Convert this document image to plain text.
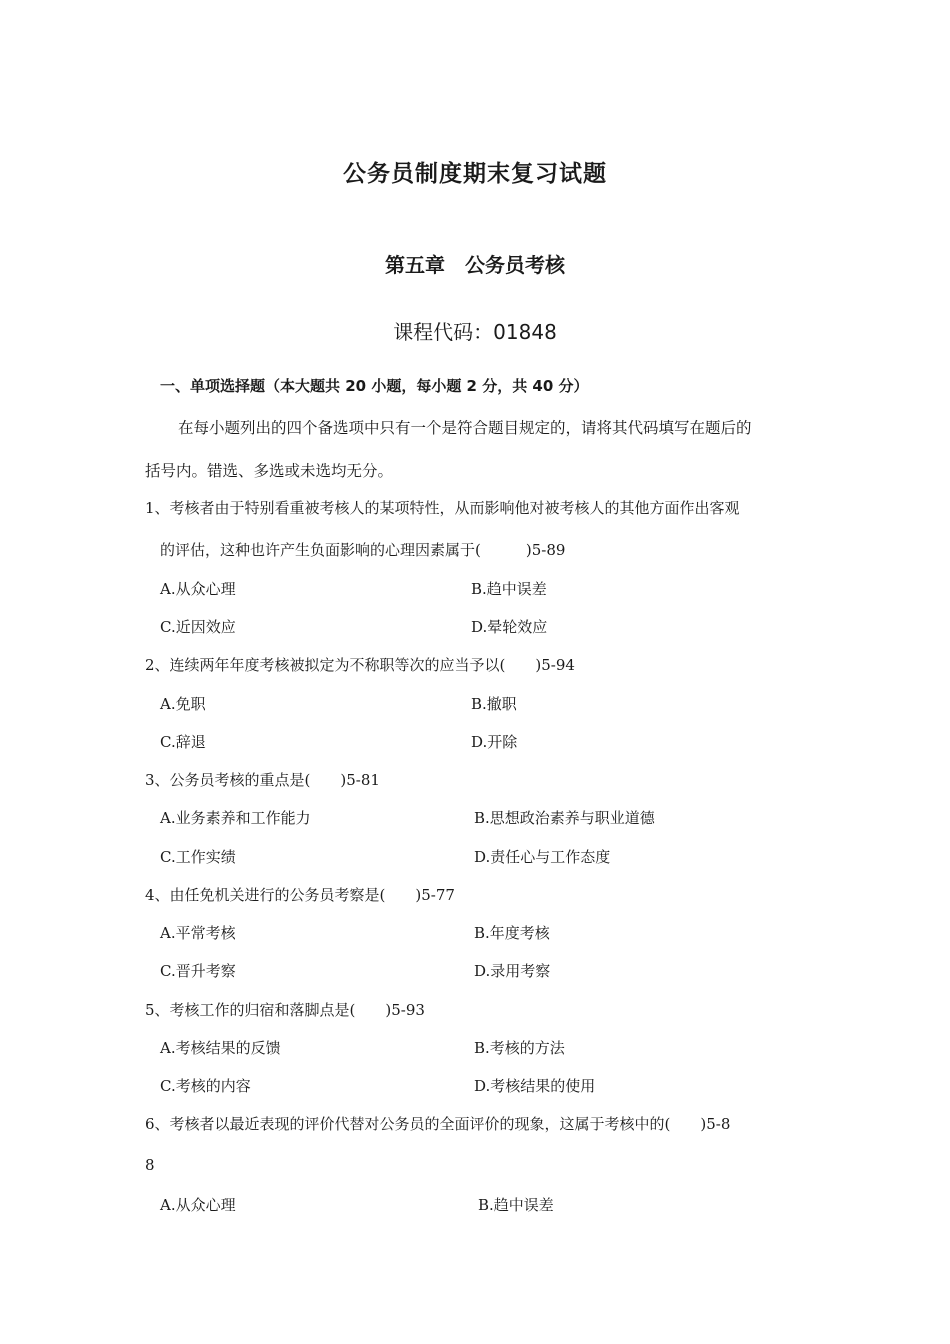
公务员制度期末复习试题
第五章　公务员考核
课程代码：01848
一、单项选择题（本大题共 20 小题，每小题 2 分，共 40 分）
在每小题列出的四个备选项中只有一个是符合题目规定的，请将其代码填写在题后的
括号内。错选、多选或未选均无分。
1、考核者由于特别看重被考核人的某项特性，从而影响他对被考核人的其他方面作出客观
的评估，这种也许产生负面影响的心理因素属于(　　　)5-89
A.从众心理	B.趋中误差
C.近因效应	D.晕轮效应
2、连续两年年度考核被拟定为不称职等次的应当予以(　　)5-94
A.免职	B.撤职
C.辞退	D.开除
3、公务员考核的重点是(　　)5-81
A.业务素养和工作能力	B.思想政治素养与职业道德
C.工作实绩	D.责任心与工作态度
4、由任免机关进行的公务员考察是(　　)5-77
A.平常考核	B.年度考核
C.晋升考察	D.录用考察
5、考核工作的归宿和落脚点是(　　)5-93
A.考核结果的反馈	B.考核的方法
C.考核的内容	D.考核结果的使用
6、考核者以最近表现的评价代替对公务员的全面评价的现象，这属于考核中的(　　)5-8
8
A.从众心理	B.趋中误差
